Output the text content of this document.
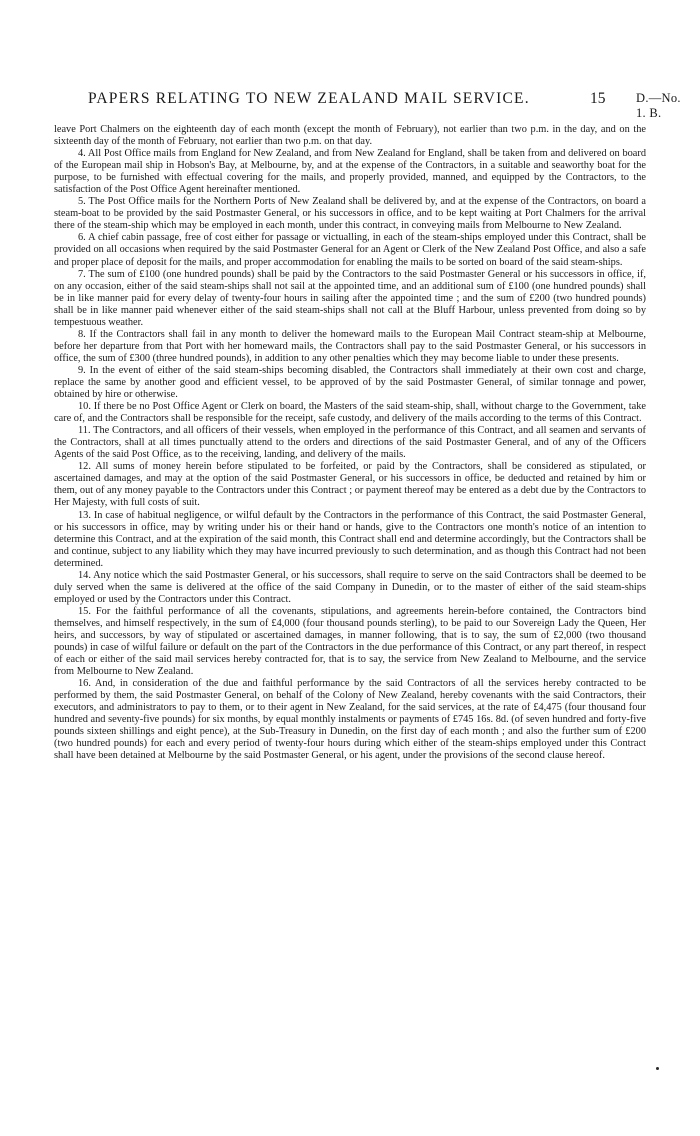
PAPERS RELATING TO NEW ZEALAND MAIL SERVICE.	15 D.—No. 1. B.

leave Port Chalmers on the eighteenth day of each month (except the month of February), not earlier than two p.m. in the day, and on the sixteenth day of the month of February, not earlier than two p.m. on that day.

4. All Post Office mails from England for New Zealand, and from New Zealand for England, shall be taken from and delivered on board of the European mail ship in Hobson's Bay, at Melbourne, by, and at the expense of the Contractors, in a suitable and seaworthy boat for the purpose, to be furnished with effectual covering for the mails, and properly provided, manned, and equipped by the Contractors, to the satisfaction of the Post Office Agent hereinafter mentioned.

5. The Post Office mails for the Northern Ports of New Zealand shall be delivered by, and at the expense of the Contractors, on board a steam-boat to be provided by the said Postmaster General, or his successors in office, and to be kept waiting at Port Chalmers for the arrival there of the steam-ship which may be employed in each month, under this contract, in conveying mails from Melbourne to New Zealand.

6. A chief cabin passage, free of cost either for passage or victualling, in each of the steam-ships employed under this Contract, shall be provided on all occasions when required by the said Postmaster General for an Agent or Clerk of the New Zealand Post Office, and also a safe and proper place of deposit for the mails, and proper accommodation for enabling the mails to be sorted on board of the said steam-ships.

7. The sum of £100 (one hundred pounds) shall be paid by the Contractors to the said Postmaster General or his successors in office, if, on any occasion, either of the said steam-ships shall not sail at the appointed time, and an additional sum of £100 (one hundred pounds) shall be in like manner paid for every delay of twenty-four hours in sailing after the appointed time ; and the sum of £200 (two hundred pounds) shall be in like manner paid whenever either of the said steam-ships shall not call at the Bluff Harbour, unless prevented from doing so by tempestuous weather.

8. If the Contractors shall fail in any month to deliver the homeward mails to the European Mail Contract steam-ship at Melbourne, before her departure from that Port with her homeward mails, the Contractors shall pay to the said Postmaster General, or his successors in office, the sum of £300 (three hundred pounds), in addition to any other penalties which they may become liable to under these presents.

9. In the event of either of the said steam-ships becoming disabled, the Contractors shall immediately at their own cost and charge, replace the same by another good and efficient vessel, to be approved of by the said Postmaster General, of similar tonnage and power, obtained by hire or otherwise.

10. If there be no Post Office Agent or Clerk on board, the Masters of the said steam-ship, shall, without charge to the Government, take care of, and the Contractors shall be responsible for the receipt, safe custody, and delivery of the mails according to the terms of this Contract.

11. The Contractors, and all officers of their vessels, when employed in the performance of this Contract, and all seamen and servants of the Contractors, shall at all times punctually attend to the orders and directions of the said Postmaster General, and of any of the Officers Agents of the said Post Office, as to the receiving, landing, and delivery of the mails.

12. All sums of money herein before stipulated to be forfeited, or paid by the Contractors, shall be considered as stipulated, or ascertained damages, and may at the option of the said Postmaster General, or his successors in office, be deducted and retained by him or them, out of any money payable to the Contractors under this Contract ; or payment thereof may be entered as a debt due by the Contractors to Her Majesty, with full costs of suit.

13. In case of habitual negligence, or wilful default by the Contractors in the performance of this Contract, the said Postmaster General, or his successors in office, may by writing under his or their hand or hands, give to the Contractors one month's notice of an intention to determine this Contract, and at the expiration of the said month, this Contract shall end and determine accordingly, but the Contractors shall be and continue, subject to any liability which they may have incurred previously to such determination, and as though this Contract had not been determined.

14. Any notice which the said Postmaster General, or his successors, shall require to serve on the said Contractors shall be deemed to be duly served when the same is delivered at the office of the said Company in Dunedin, or to the master of either of the said steam-ships employed or used by the Contractors under this Contract.

15. For the faithful performance of all the covenants, stipulations, and agreements herein-before contained, the Contractors bind themselves, and himself respectively, in the sum of £4,000 (four thousand pounds sterling), to be paid to our Sovereign Lady the Queen, Her heirs, and successors, by way of stipulated or ascertained damages, in manner following, that is to say, the sum of £2,000 (two thousand pounds) in case of wilful failure or default on the part of the Contractors in the due performance of this Contract, or any part thereof, in respect of each or either of the said mail services hereby contracted for, that is to say, the service from New Zealand to Melbourne, and the service from Melbourne to New Zealand.

16. And, in consideration of the due and faithful performance by the said Contractors of all the services hereby contracted to be performed by them, the said Postmaster General, on behalf of the Colony of New Zealand, hereby covenants with the said Contractors, their executors, and administrators to pay to them, or to their agent in New Zealand, for the said services, at the rate of £4,475 (four thousand four hundred and seventy-five pounds) for six months, by equal monthly instalments or payments of £745 16s. 8d. (of seven hundred and forty-five pounds sixteen shillings and eight pence), at the Sub-Treasury in Dunedin, on the first day of each month ; and also the further sum of £200 (two hundred pounds) for each and every period of twenty-four hours during which either of the steam-ships employed under this Contract shall have been detained at Melbourne by the said Postmaster General, or his agent, under the provisions of the second clause hereof.
